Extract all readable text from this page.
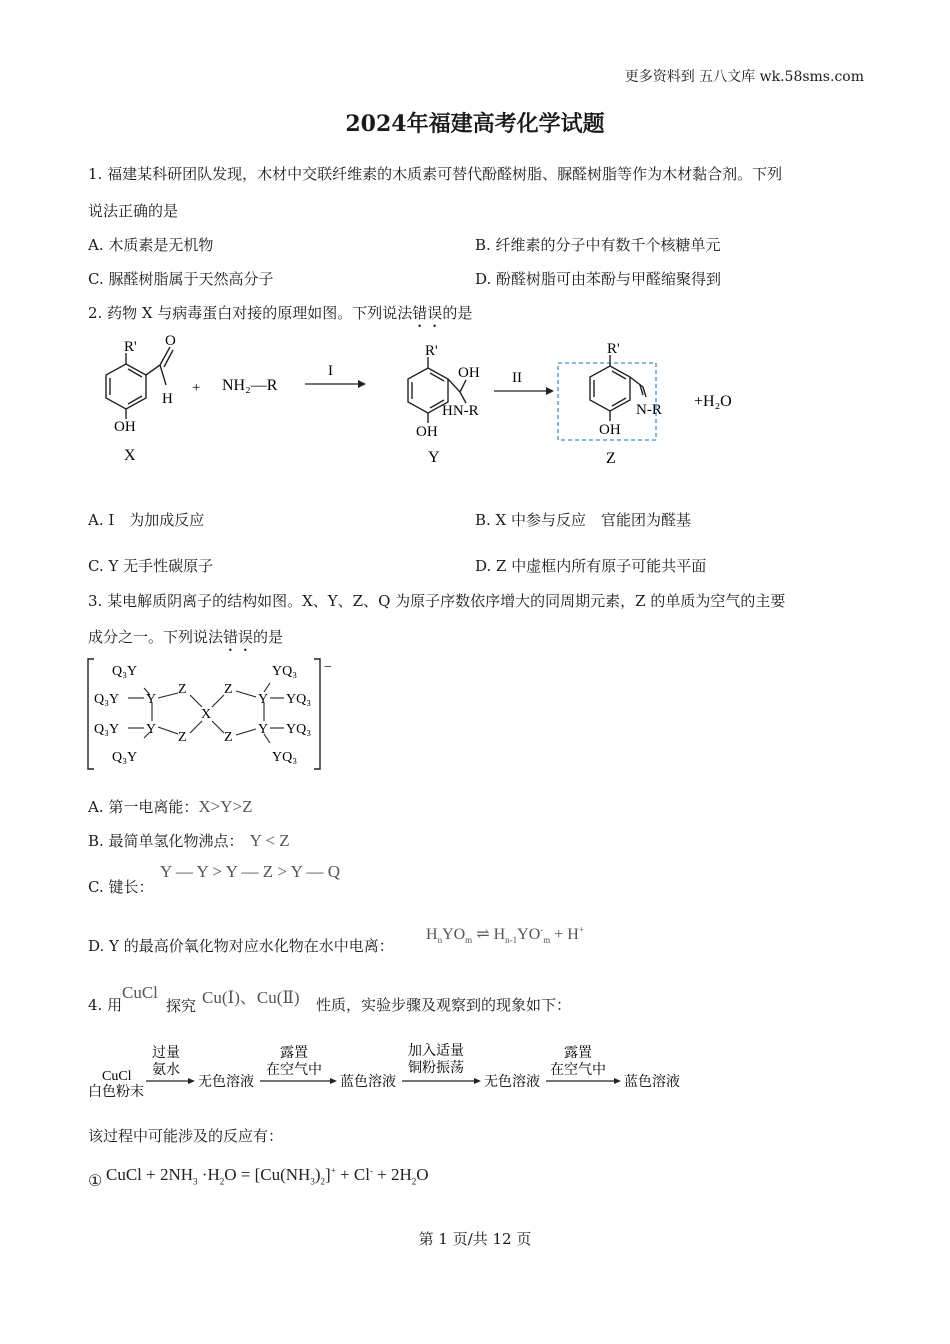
更多资料到 五八文库 wk.58sms.com
2024年福建高考化学试题
1. 福建某科研团队发现，木材中交联纤维素的木质素可替代酚醛树脂、脲醛树脂等作为木材黏合剂。下列
说法正确的是
A. 木质素是无机物	B. 纤维素的分子中有数千个核糖单元
C. 脲醛树脂属于天然高分子	D. 酚醛树脂可由苯酚与甲醛缩聚得到
2. 药物 X 与病毒蛋白对接的原理如图。下列说法错误的是
R' O
H
OH
X
+ NH₂—R
I
R'
OH
HN-R
OH
Y
II
R'
N-R
OH
Z
+H₂O
A. Ⅰ　为加成反应	B. X 中参与反应　官能团为醛基
C. Y 无手性碳原子	D. Z 中虚框内所有原子可能共平面
3. 某电解质阴离子的结构如图。X、Y、Z、Q 为原子序数依序增大的同周期元素，Z 的单质为空气的主要
成分之一。下列说法错误的是
−
Q₃Y
Q₃Y Y
Z
Q₃Y Y
Z
Q₃Y
X
Z
Z
Y
Y
YQ₃
YQ₃
YQ₃
YQ₃
A. 第一电离能：X>Y>Z
B. 最简单氢化物沸点： Y < Z
C. 键长：
Y — Y > Y — Z > Y — Q
D. Y 的最高价氧化物对应水化物在水中电离：
$H_nYO_m$ ⇌ $H_{n-1}YO^-_m + H^+$
4. 用
CuCl
探究 Cu(Ⅰ)、Cu(Ⅱ) 性质，实验步骤及观察到的现象如下：
CuCl
白色粉末
过量
氨水
无色溶液
露置
在空气中
蓝色溶液
加入适量
铜粉振荡
无色溶液
露置
在空气中
蓝色溶液
该过程中可能涉及的反应有：
① CuCl + $2NH_3 \cdot H_2O = [Cu(NH_3)_2]^+ + Cl^- + 2H_2O$
第 1 页/共 12 页
